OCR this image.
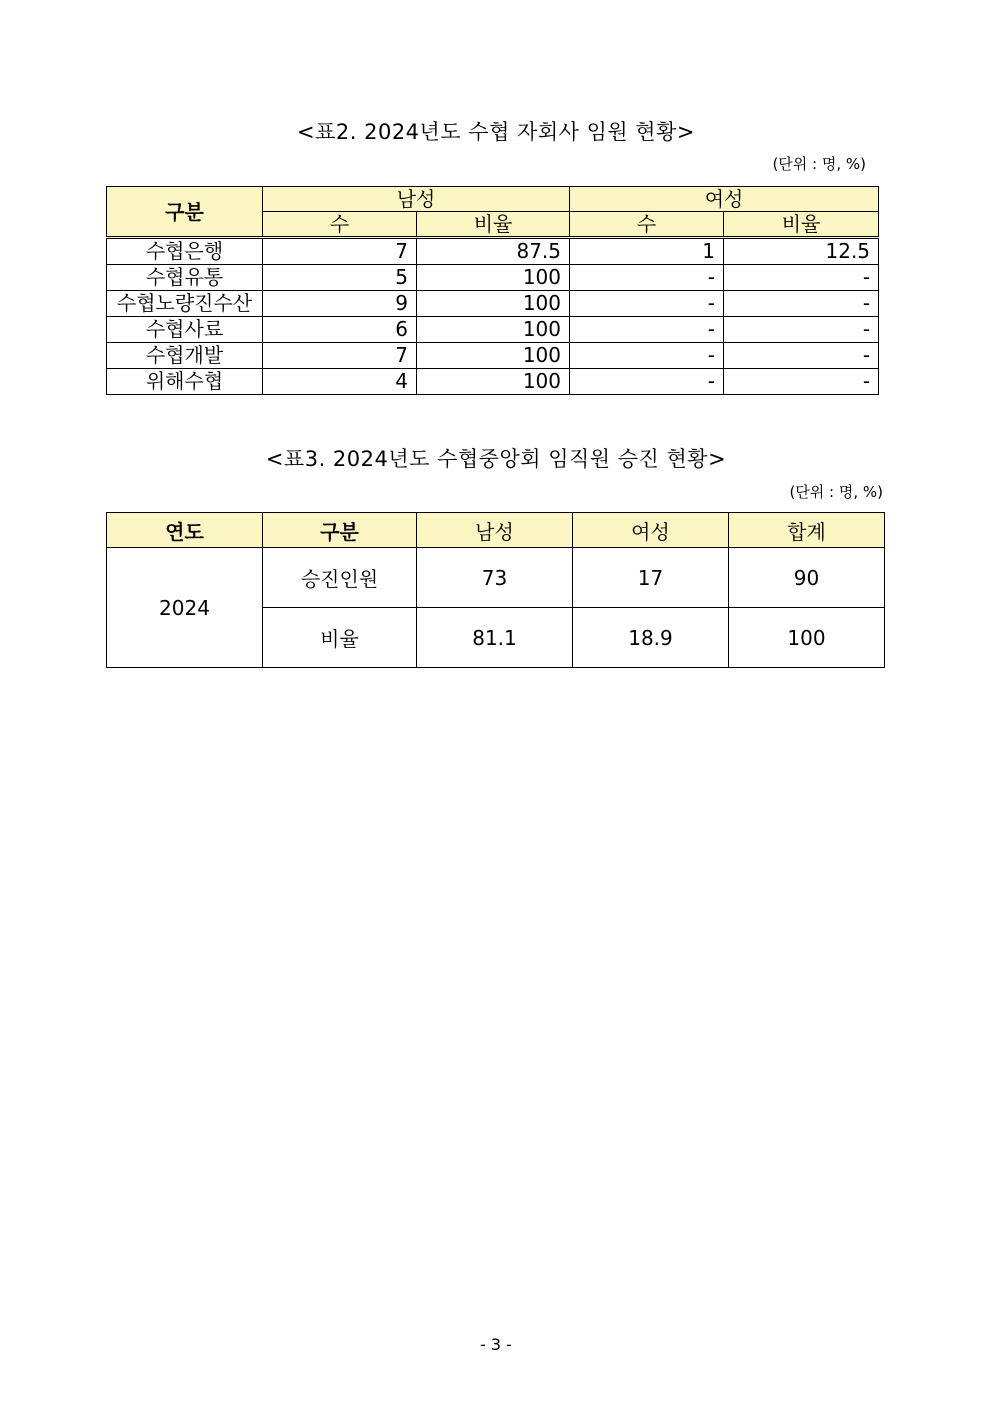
<표2. 2024년도 수협 자회사 임원 현황>
(단위 : 명, %)
구분	남성		여성	
	수	비율	수	비율
수협은행	7	87.5	1	12.5
수협유통	5	100	-	-
수협노량진수산	9	100	-	-
수협사료	6	100	-	-
수협개발	7	100	-	-
위해수협	4	100	-	-
<표3. 2024년도 수협중앙회 임직원 승진 현황>
(단위 : 명, %)
연도	구분	남성	여성	합계
2024	승진인원	73	17	90
	비율	81.1	18.9	100
- 3 -
